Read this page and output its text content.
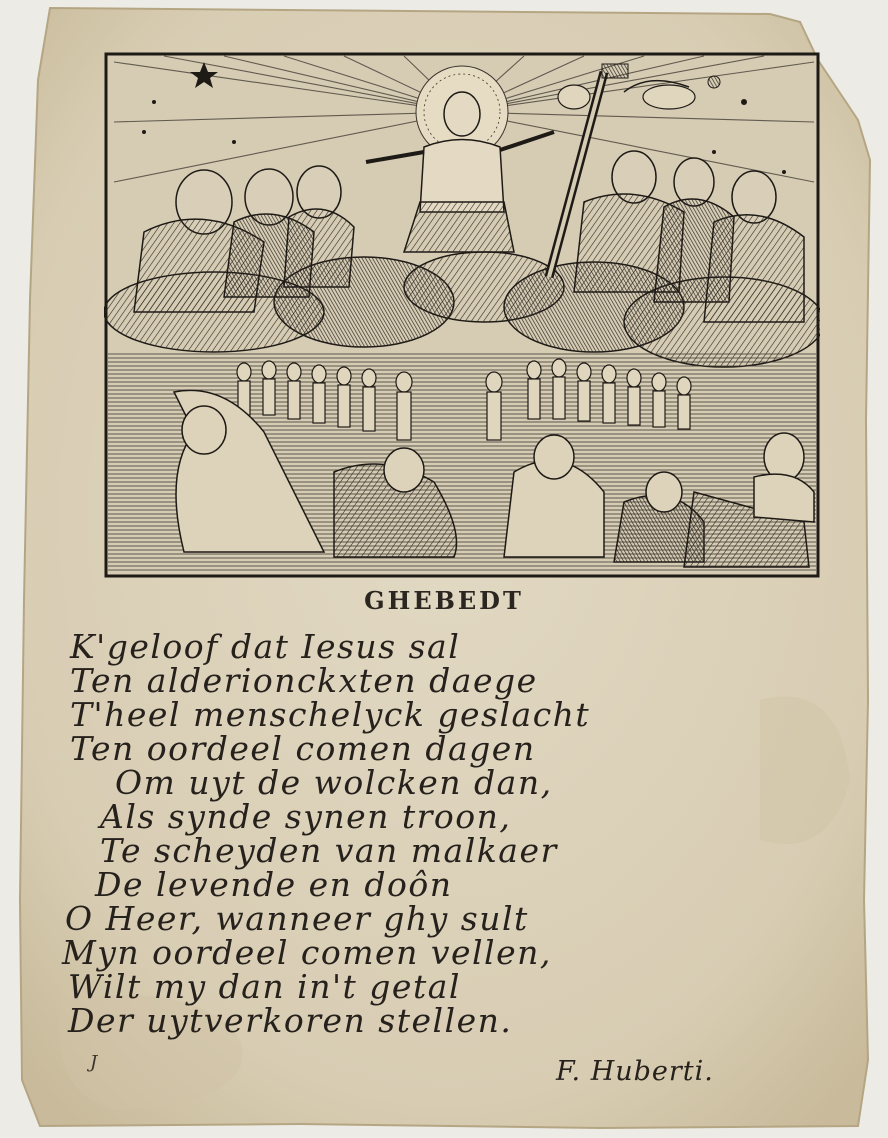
GHEBEDT
K'geloof dat Iesus sal
Ten alderionckxten daege
T'heel menschelyck geslacht
Ten oordeel comen dagen
Om uyt de wolcken dan,
Als synde synen troon,
Te scheyden van malkaer
De levende en doôn
O Heer, wanneer ghy sult
Myn oordeel comen vellen,
Wilt my dan in't getal
Der uytverkoren stellen.
J	F. Huberti.
